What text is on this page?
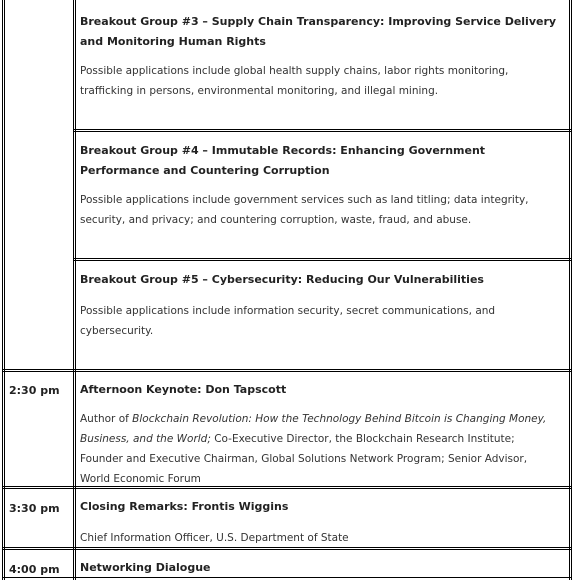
Breakout Group #3 – Supply Chain Transparency: Improving Service Delivery and Monitoring Human Rights
Possible applications include global health supply chains, labor rights monitoring, trafficking in persons, environmental monitoring, and illegal mining.
Breakout Group #4 – Immutable Records: Enhancing Government Performance and Countering Corruption
Possible applications include government services such as land titling; data integrity, security, and privacy; and countering corruption, waste, fraud, and abuse.
Breakout Group #5 – Cybersecurity: Reducing Our Vulnerabilities
Possible applications include information security, secret communications, and cybersecurity.
2:30 pm Afternoon Keynote: Don Tapscott
Author of Blockchain Revolution: How the Technology Behind Bitcoin is Changing Money, Business, and the World; Co-Executive Director, the Blockchain Research Institute; Founder and Executive Chairman, Global Solutions Network Program; Senior Advisor, World Economic Forum
3:30 pm Closing Remarks: Frontis Wiggins
Chief Information Officer, U.S. Department of State
4:00 pm Networking Dialogue
